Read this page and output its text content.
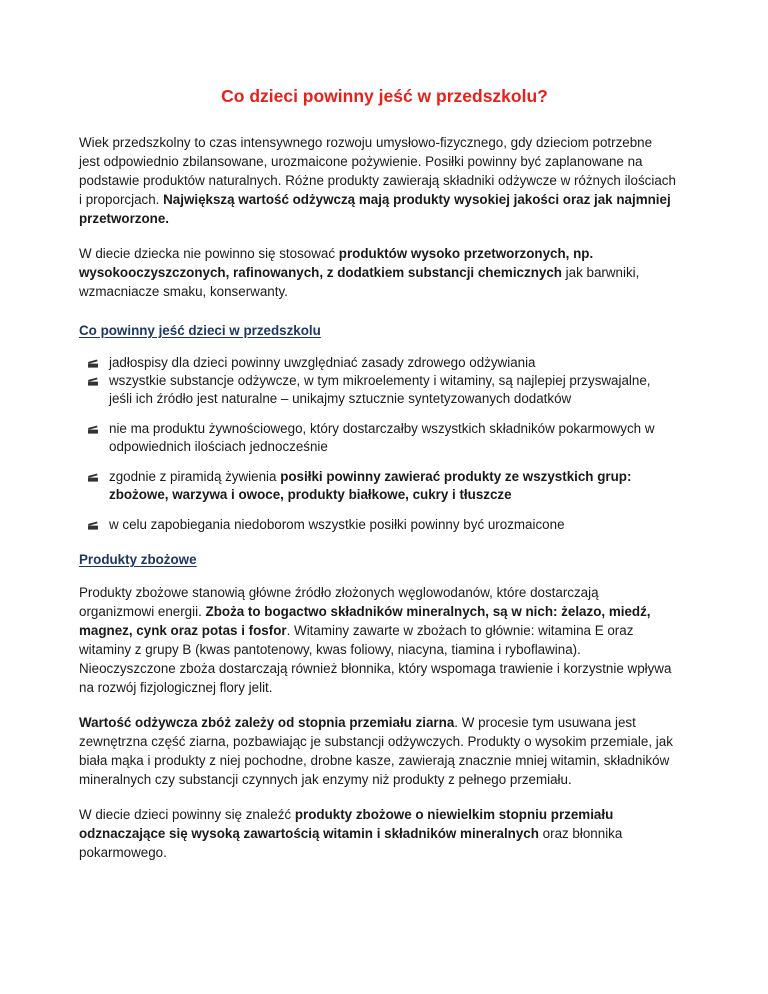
Co dzieci powinny jeść w przedszkolu?

Wiek przedszkolny to czas intensywnego rozwoju umysłowo-fizycznego, gdy dzieciom potrzebne jest odpowiednio zbilansowane, urozmaicone pożywienie. Posiłki powinny być zaplanowane na podstawie produktów naturalnych. Różne produkty zawierają składniki odżywcze w różnych ilościach i proporcjach. Największą wartość odżywczą mają produkty wysokiej jakości oraz jak najmniej przetworzone.

W diecie dziecka nie powinno się stosować produktów wysoko przetworzonych, np. wysokooczyszczonych, rafinowanych, z dodatkiem substancji chemicznych jak barwniki, wzmacniacze smaku, konserwanty.

Co powinny jeść dzieci w przedszkolu
jadłospisy dla dzieci powinny uwzględniać zasady zdrowego odżywiania
wszystkie substancje odżywcze, w tym mikroelementy i witaminy, są najlepiej przyswajalne, jeśli ich źródło jest naturalne – unikajmy sztucznie syntetyzowanych dodatków
nie ma produktu żywnościowego, który dostarczałby wszystkich składników pokarmowych w odpowiednich ilościach jednocześnie
zgodnie z piramidą żywienia posiłki powinny zawierać produkty ze wszystkich grup: zbożowe, warzywa i owoce, produkty białkowe, cukry i tłuszcze
w celu zapobiegania niedoborom wszystkie posiłki powinny być urozmaicone
Produkty zbożowe

Produkty zbożowe stanowią główne źródło złożonych węglowodanów, które dostarczają organizmowi energii. Zboża to bogactwo składników mineralnych, są w nich: żelazo, miedź, magnez, cynk oraz potas i fosfor. Witaminy zawarte w zbożach to głównie: witamina E oraz witaminy z grupy B (kwas pantotenowy, kwas foliowy, niacyna, tiamina i ryboflawina). Nieoczyszczone zboża dostarczają również błonnika, który wspomaga trawienie i korzystnie wpływa na rozwój fizjologicznej flory jelit.

Wartość odżywcza zbóż zależy od stopnia przemiału ziarna. W procesie tym usuwana jest zewnętrzna część ziarna, pozbawiając je substancji odżywczych. Produkty o wysokim przemiale, jak biała mąka i produkty z niej pochodne, drobne kasze, zawierają znacznie mniej witamin, składników mineralnych czy substancji czynnych jak enzymy niż produkty z pełnego przemiału.

W diecie dzieci powinny się znaleźć produkty zbożowe o niewielkim stopniu przemiału odznaczające się wysoką zawartością witamin i składników mineralnych oraz błonnika pokarmowego.
